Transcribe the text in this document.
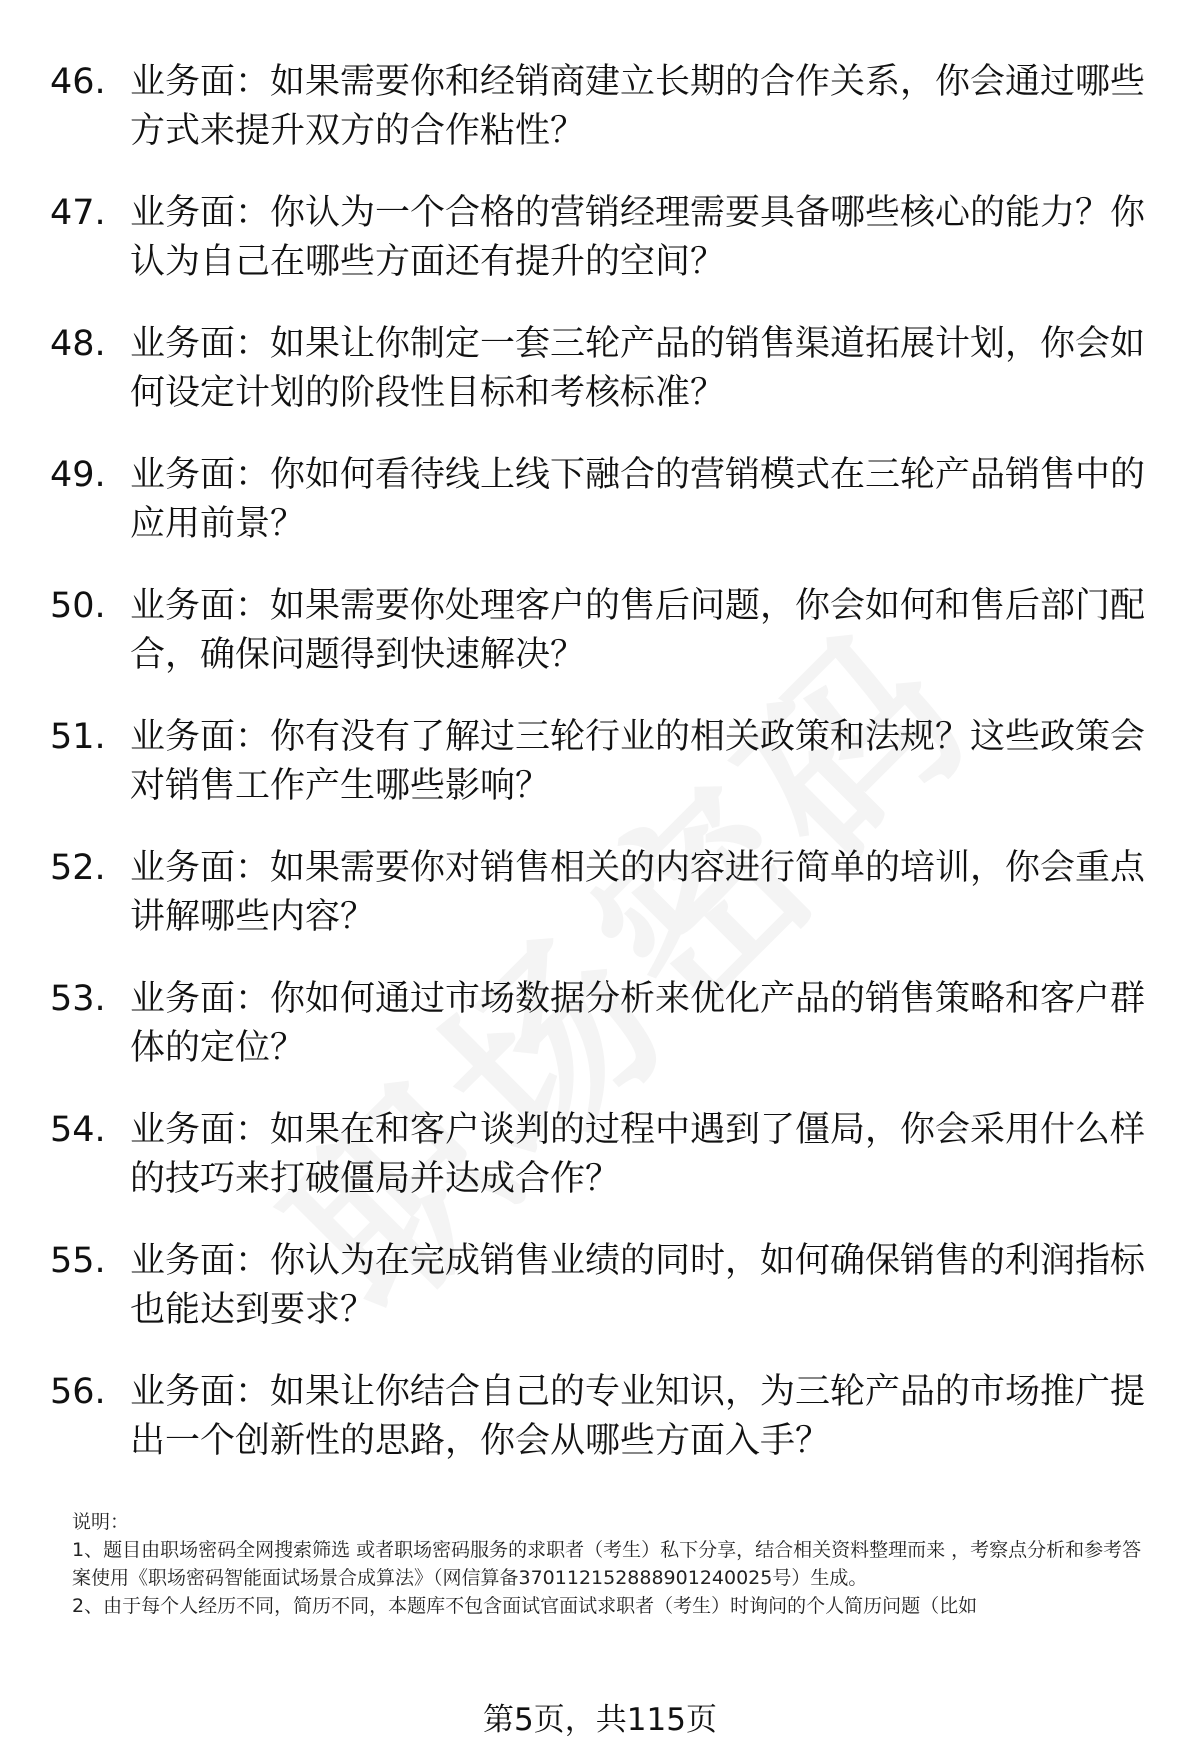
46. 业务面：如果需要你和经销商建立长期的合作关系，你会通过哪些方式来提升双方的合作粘性？
47. 业务面：你认为一个合格的营销经理需要具备哪些核心的能力？你认为自己在哪些方面还有提升的空间？
48. 业务面：如果让你制定一套三轮产品的销售渠道拓展计划，你会如何设定计划的阶段性目标和考核标准？
49. 业务面：你如何看待线上线下融合的营销模式在三轮产品销售中的应用前景？
50. 业务面：如果需要你处理客户的售后问题，你会如何和售后部门配合，确保问题得到快速解决？
51. 业务面：你有没有了解过三轮行业的相关政策和法规？这些政策会对销售工作产生哪些影响？
52. 业务面：如果需要你对销售相关的内容进行简单的培训，你会重点讲解哪些内容？
53. 业务面：你如何通过市场数据分析来优化产品的销售策略和客户群体的定位？
54. 业务面：如果在和客户谈判的过程中遇到了僵局，你会采用什么样的技巧来打破僵局并达成合作？
55. 业务面：你认为在完成销售业绩的同时，如何确保销售的利润指标也能达到要求？
56. 业务面：如果让你结合自己的专业知识，为三轮产品的市场推广提出一个创新性的思路，你会从哪些方面入手？

说明：

1、题目由职场密码全网搜索筛选 或者职场密码服务的求职者（考生）私下分享，结合相关资料整理而来 ，考察点分析和参考答案使用《职场密码智能面试场景合成算法》（网信算备370112152888901240025号）生成。

2、由于每个人经历不同，简历不同，本题库不包含面试官面试求职者（考生）时询问的个人简历问题（比如

第5页，共115页
